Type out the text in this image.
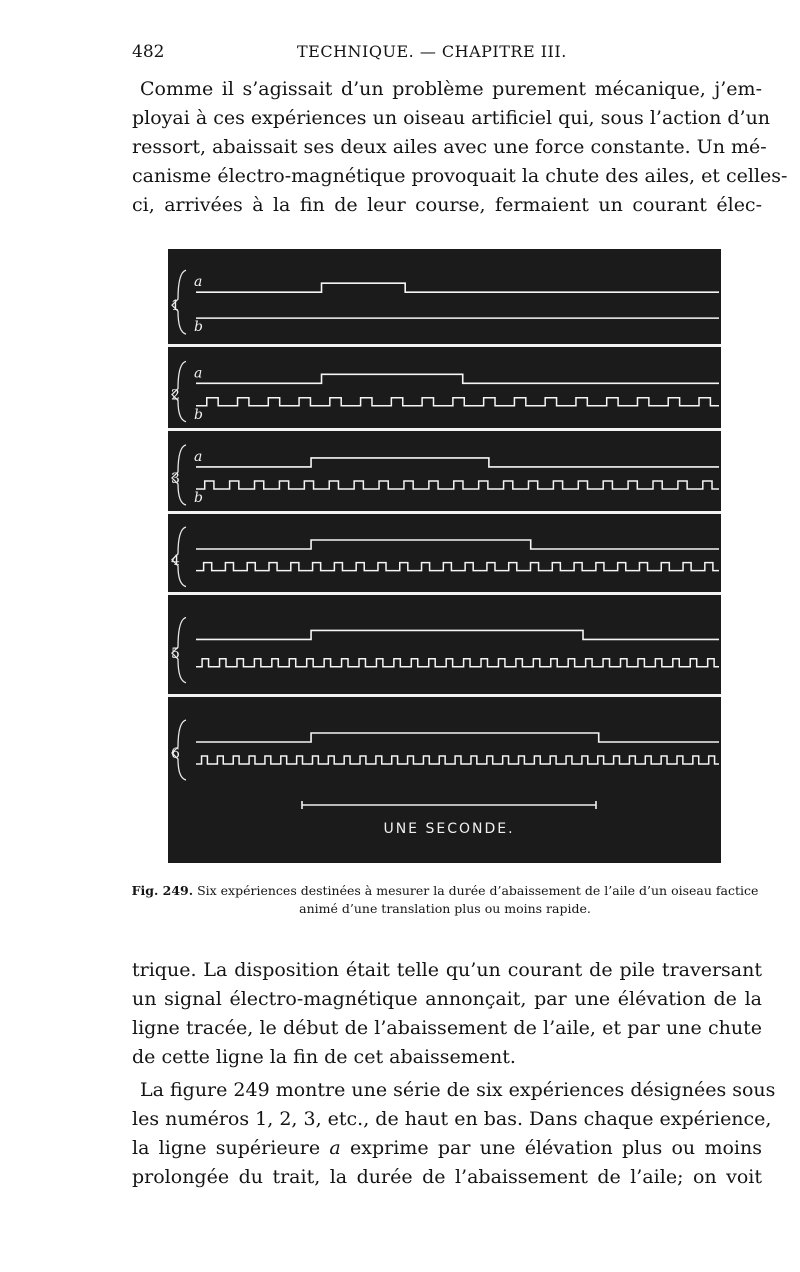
482	TECHNIQUE. — CHAPITRE III.

Comme il s’agissait d’un problème purement mécanique, j’em-
ployai à ces expériences un oiseau artificiel qui, sous l’action d’un
ressort, abaissait ses deux ailes avec une force constante. Un mé-
canisme électro-magnétique provoquait la chute des ailes, et celles-
ci, arrivées à la fin de leur course, fermaient un courant élec-

1
a
b
2
a
b
3
a
b
4
5
6
UNE SECONDE.
Fig. 249. Six expériences destinées à mesurer la durée d’abaissement de l’aile d’un oiseau factice
animé d’une translation plus ou moins rapide.

trique. La disposition était telle qu’un courant de pile traversant
un signal électro-magnétique annonçait, par une élévation de la
ligne tracée, le début de l’abaissement de l’aile, et par une chute
de cette ligne la fin de cet abaissement.

La figure 249 montre une série de six expériences désignées sous
les numéros 1, 2, 3, etc., de haut en bas. Dans chaque expérience,
la ligne supérieure a exprime par une élévation plus ou moins
prolongée du trait, la durée de l’abaissement de l’aile; on voit
